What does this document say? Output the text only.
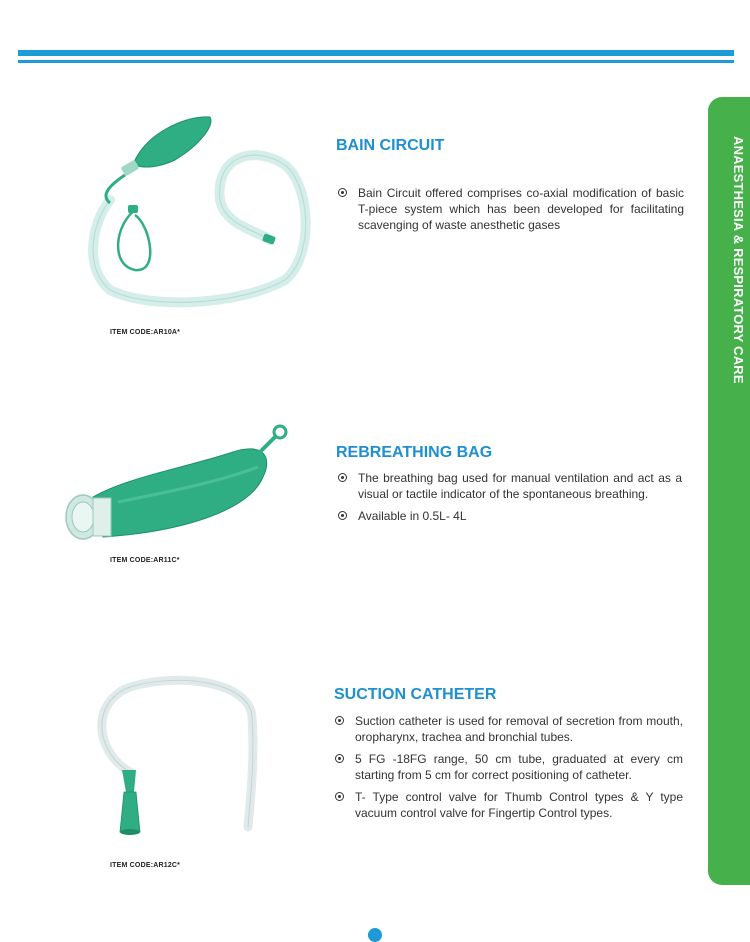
ANAESTHESIA & RESPIRATORY CARE
ITEM CODE:AR10A*
BAIN CIRCUIT
Bain Circuit offered comprises co-axial modification of basic T-piece system which has been developed for facilitating scavenging of waste anesthetic gases
ITEM CODE:AR11C*
REBREATHING BAG
The breathing bag used for manual ventilation and act as a visual or tactile indicator of the spontaneous breathing.
Available in 0.5L- 4L
ITEM CODE:AR12C*
SUCTION CATHETER
Suction catheter is used for removal of secretion from mouth, oropharynx, trachea and bronchial tubes.
5 FG -18FG range, 50 cm tube, graduated at every cm starting from 5 cm for correct positioning of catheter.
T- Type control valve for Thumb Control types & Y type vacuum control valve for Fingertip Control types.
